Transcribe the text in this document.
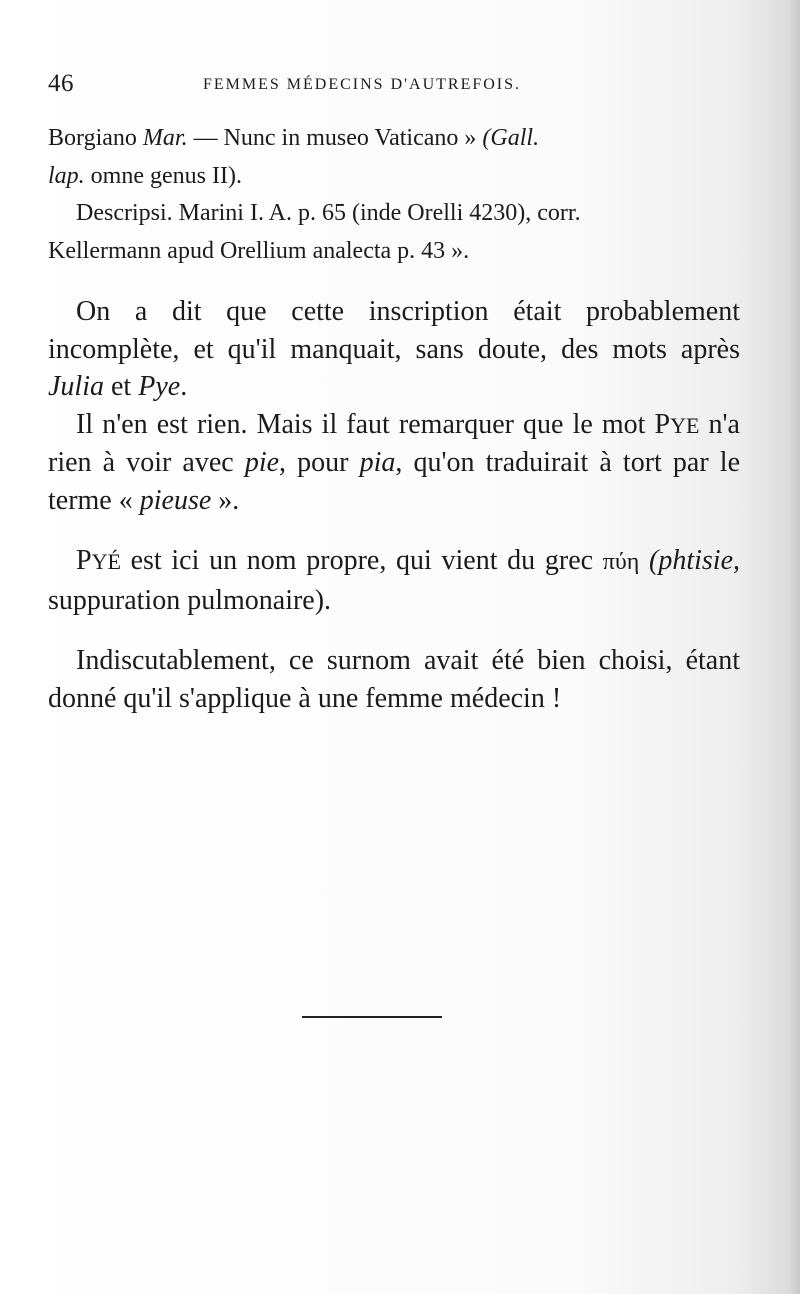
46	FEMMES MÉDECINS D'AUTREFOIS.

Borgiano Mar. — Nunc in museo Vaticano » (Gall.

lap. omne genus II).

Descripsi. Marini I. A. p. 65 (inde Orelli 4230), corr.

Kellermann apud Orellium analecta p. 43 ».

On a dit que cette inscription était probablement incomplète, et qu'il manquait, sans doute, des mots après Julia et Pye.

Il n'en est rien. Mais il faut remarquer que le mot PYE n'a rien à voir avec pie, pour pia, qu'on traduirait à tort par le terme « pieuse ».

PYÉ est ici un nom propre, qui vient du grec πύη (phtisie, suppuration pulmonaire).

Indiscutablement, ce surnom avait été bien choisi, étant donné qu'il s'applique à une femme médecin !
